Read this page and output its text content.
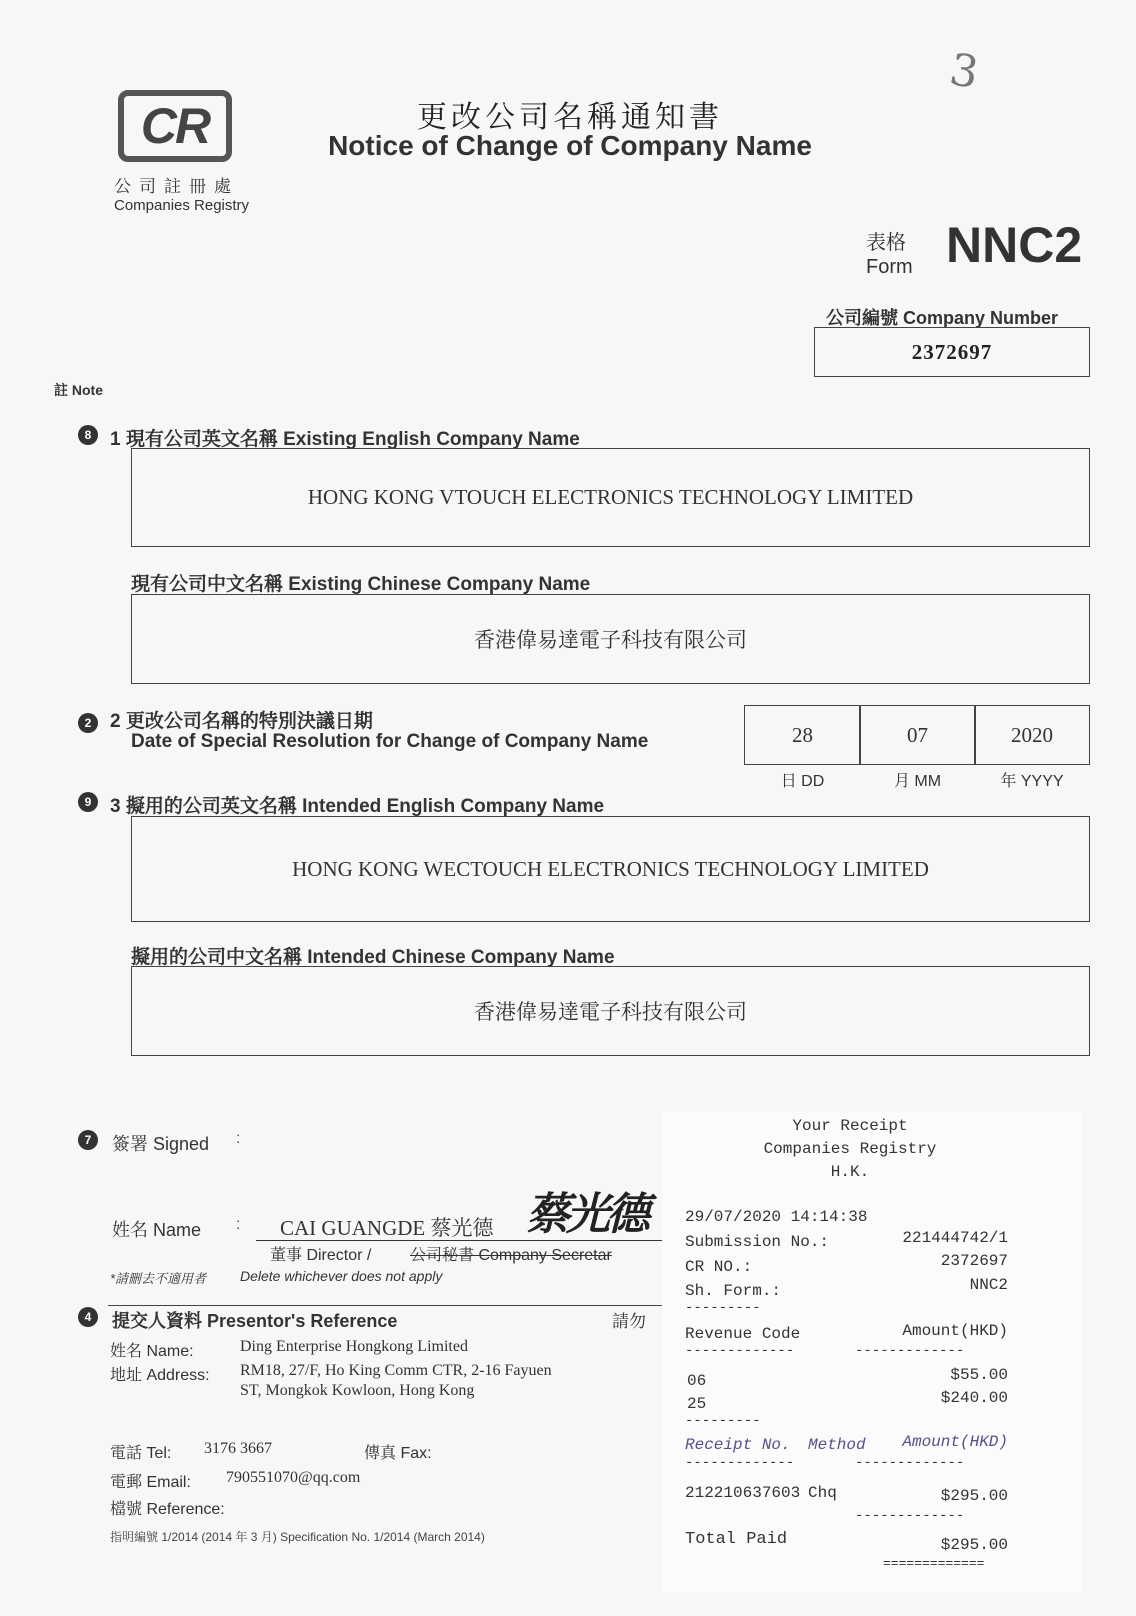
CR
公司註冊處
Companies Registry
更改公司名稱通知書
Notice of Change of Company Name
3
表格
Form NNC2
公司編號 Company Number
2372697
註 Note
8 1 現有公司英文名稱 Existing English Company Name
HONG KONG VTOUCH ELECTRONICS TECHNOLOGY LIMITED
現有公司中文名稱 Existing Chinese Company Name
香港偉易達電子科技有限公司
2 2 更改公司名稱的特別決議日期
Date of Special Resolution for Change of Company Name	28	07	2020
日 DD	月 MM	年 YYYY
9 3 擬用的公司英文名稱 Intended English Company Name
HONG KONG WECTOUCH ELECTRONICS TECHNOLOGY LIMITED
擬用的公司中文名稱 Intended Chinese Company Name
香港偉易達電子科技有限公司
7	簽署 Signed :
蔡光德
姓名 Name : CAI GUANGDE 蔡光德
董事 Director / 公司秘書 Company Secretar
*請刪去不適用者 Delete whichever does not apply
4	提交人資料 Presentor's Reference	請勿
姓名 Name:	Ding Enterprise Hongkong Limited
地址 Address: RM18, 27/F, Ho King Comm CTR, 2-16 Fayuen
ST, Mongkok Kowloon, Hong Kong
電話 Tel: 3176 3667	傳真 Fax:
電郵 Email: 790551070@qq.com
檔號 Reference:
指明編號 1/2014 (2014 年 3 月) Specification No. 1/2014 (March 2014)
Your Receipt
Companies Registry
H.K.
29/07/2020 14:14:38
Submission No.:	221444742/1
CR NO.:	2372697
Sh. Form.:	NNC2
---------
Revenue Code	Amount(HKD)
-------------	-------------
06	$55.00
25	$240.00
---------
Receipt No. Method	Amount(HKD)
-------------	-------------
212210637603 Chq	$295.00
-------------
Total Paid	$295.00
=============
